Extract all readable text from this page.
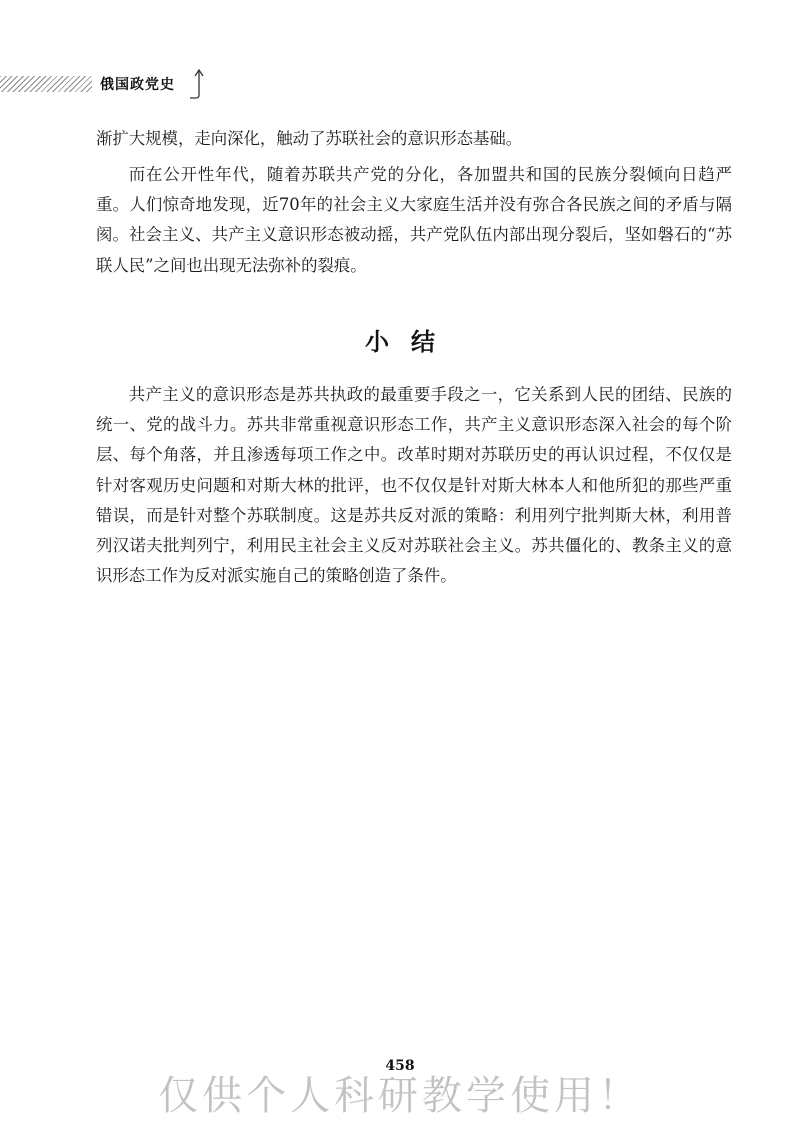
俄国政党史

渐扩大规模，走向深化，触动了苏联社会的意识形态基础。

而在公开性年代，随着苏联共产党的分化，各加盟共和国的民族分裂倾向日趋严重。人们惊奇地发现，近70年的社会主义大家庭生活并没有弥合各民族之间的矛盾与隔阂。社会主义、共产主义意识形态被动摇，共产党队伍内部出现分裂后，坚如磐石的“苏联人民”之间也出现无法弥补的裂痕。

小结

共产主义的意识形态是苏共执政的最重要手段之一，它关系到人民的团结、民族的统一、党的战斗力。苏共非常重视意识形态工作，共产主义意识形态深入社会的每个阶层、每个角落，并且渗透每项工作之中。改革时期对苏联历史的再认识过程，不仅仅是针对客观历史问题和对斯大林的批评，也不仅仅是针对斯大林本人和他所犯的那些严重错误，而是针对整个苏联制度。这是苏共反对派的策略：利用列宁批判斯大林，利用普列汉诺夫批判列宁，利用民主社会主义反对苏联社会主义。苏共僵化的、教条主义的意识形态工作为反对派实施自己的策略创造了条件。

458
仅供个人科研教学使用！
